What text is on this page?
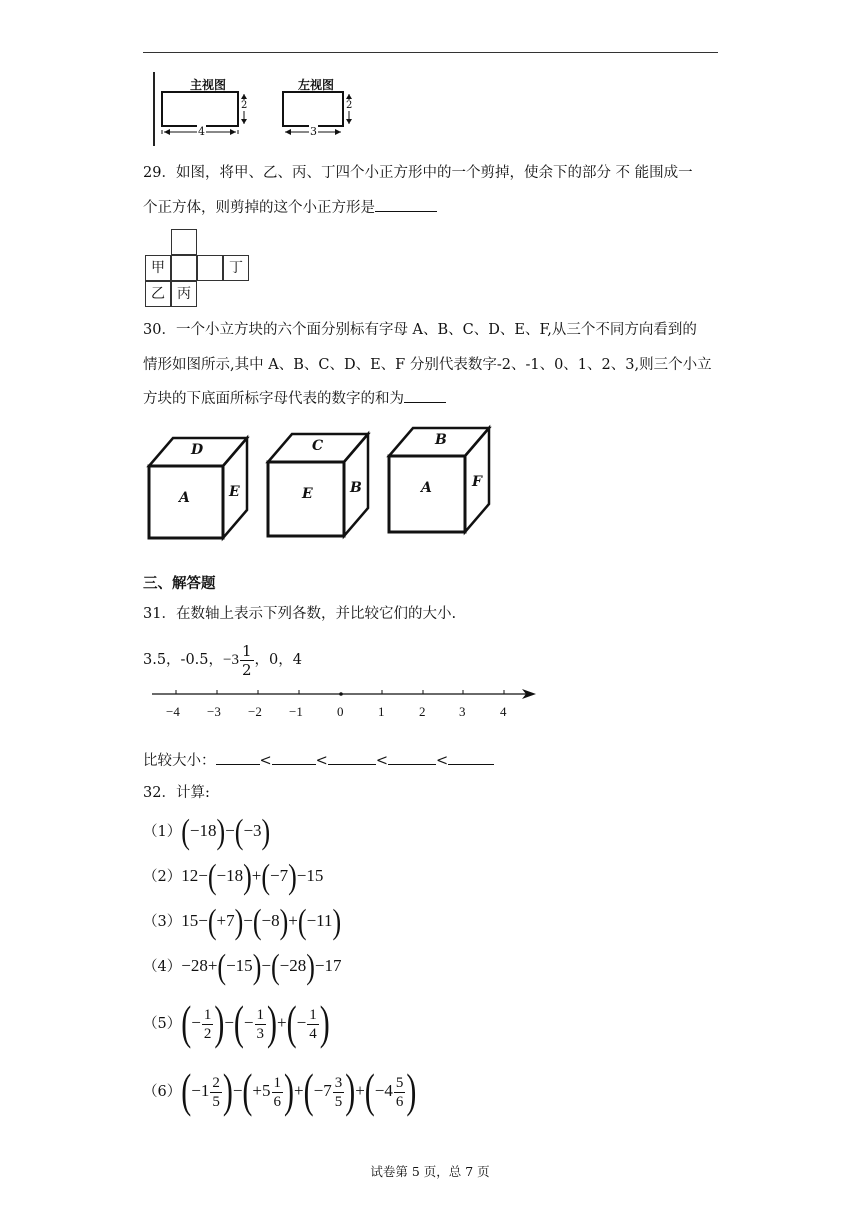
主视图	左视图
4
2
3
2
29．如图，将甲、乙、丙、丁四个小正方形中的一个剪掉，使余下的部分 不 能围成一
个正方体，则剪掉的这个小正方形是
甲	丁
乙 丙
30．一个小立方块的六个面分别标有字母 A、B、C、D、E、F,从三个不同方向看到的
情形如图所示,其中 A、B、C、D、E、F 分别代表数字-2、-1、0、1、2、3,则三个小立
方块的下底面所标字母代表的数字的和为
D
A	E
C
E	B
B
A	F
三、解答题
31．在数轴上表示下列各数，并比较它们的大小.
3.5，-0.5，$-3 \frac{1}{2}$ ，0，4
−4 −3 −2 −1	0	1	2	3	4
比较大小：	<	<	<	<
32．计算:
（1）(−18)−(−3)
（2）12−(−18)+(−7)−15
（3）15−(+7)−(−8)+(−11)
（4）−28+(−15)−(−28)−17
$(5)(- \frac{1}{2}$ )−(− $\frac{1}{3}$ )+(− $\frac{1}{4}$ )
$(6)(-1 \frac{2}{5} )-(+5 \frac{1}{6} )+(-7 \frac{3}{5} )+(-4 \frac{5}{6}$ )
试卷第 5 页，总 7 页
